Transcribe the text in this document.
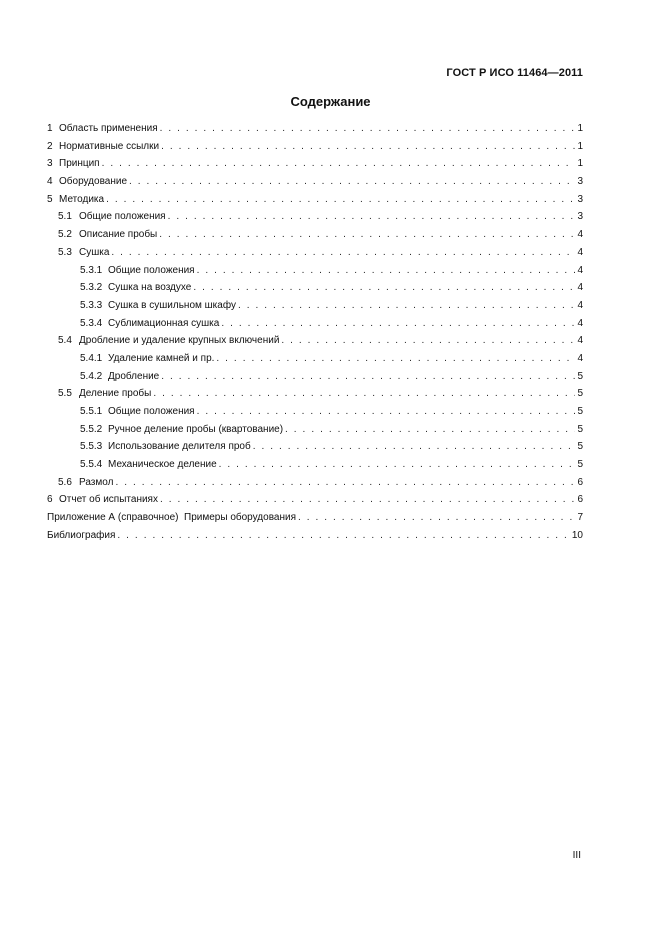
ГОСТ Р ИСО 11464—2011
Содержание
1 Область применения . . .	1
2 Нормативные ссылки . . .	1
3 Принцип . . .	1
4 Оборудование . . .	3
5 Методика . . .	3
5.1 Общие положения . . .	3
5.2 Описание пробы . . .	4
5.3 Сушка . . .	4
5.3.1 Общие положения . . .	4
5.3.2 Сушка на воздухе . . .	4
5.3.3 Сушка в сушильном шкафу . . .	4
5.3.4 Сублимационная сушка . . .	4
5.4 Дробление и удаление крупных включений . . .	4
5.4.1 Удаление камней и пр. . . .	4
5.4.2 Дробление . . .	5
5.5 Деление пробы . . .	5
5.5.1 Общие положения . . .	5
5.5.2 Ручное деление пробы (квартование) . . .	5
5.5.3 Использование делителя проб . . .	5
5.5.4 Механическое деление . . .	5
5.6 Размол . . .	6
6 Отчет об испытаниях . . .	6
Приложение А (справочное)  Примеры оборудования . . .	7
Библиография . . .	10
III
